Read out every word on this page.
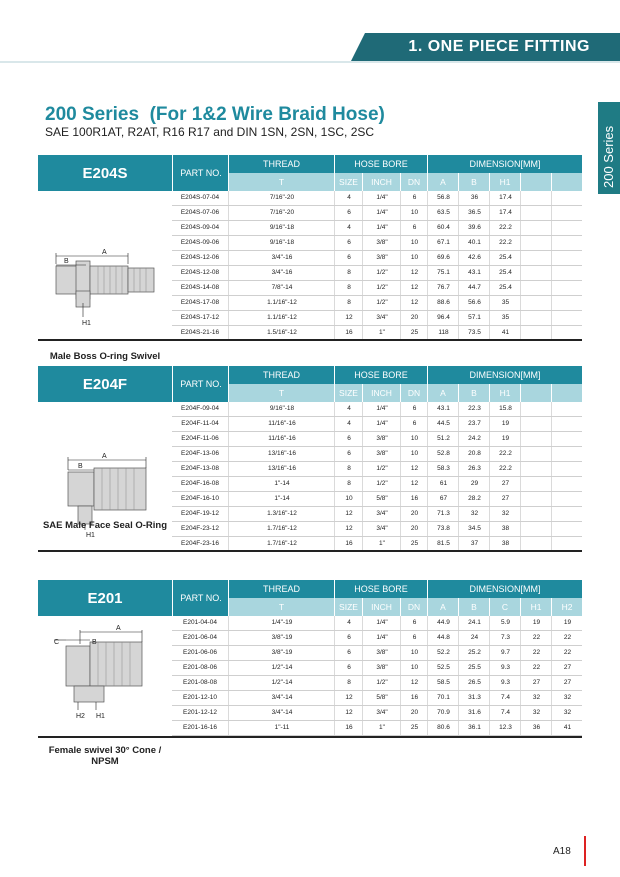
1. ONE PIECE FITTING
200 Series
200 Series  (For 1&2 Wire Braid Hose)
SAE 100R1AT, R2AT, R16 R17 and DIN 1SN, 2SN, 1SC, 2SC
E204S	PART NO.
THREAD	HOSE BORE	DIMENSION[MM]
T	SIZE	INCH	DN	A	B	H1
A
B
H1
Male Boss O-ring Swivel
E204S-07-04	7/16"-20	4	1/4"	6	56.8	36	17.4
E204S-07-06	7/16"-20	6	1/4"	10	63.5	36.5	17.4
E204S-09-04	9/16"-18	4	1/4"	6	60.4	39.6	22.2
E204S-09-06	9/16"-18	6	3/8"	10	67.1	40.1	22.2
E204S-12-06	3/4"-16	6	3/8"	10	69.6	42.6	25.4
E204S-12-08	3/4"-16	8	1/2"	12	75.1	43.1	25.4
E204S-14-08	7/8"-14	8	1/2"	12	76.7	44.7	25.4
E204S-17-08	1.1/16"-12	8	1/2"	12	88.6	56.6	35
E204S-17-12	1.1/16"-12	12	3/4"	20	96.4	57.1	35
E204S-21-16	1.5/16"-12	16	1"	25	118	73.5	41
E204F	PART NO.
THREAD	HOSE BORE	DIMENSION[MM]
T	SIZE	INCH	DN	A	B	H1
A
B
H1
SAE Male Face Seal O-Ring
E204F-09-04	9/16"-18	4	1/4"	6	43.1	22.3	15.8
E204F-11-04	11/16"-16	4	1/4"	6	44.5	23.7	19
E204F-11-06	11/16"-16	6	3/8"	10	51.2	24.2	19
E204F-13-06	13/16"-16	6	3/8"	10	52.8	20.8	22.2
E204F-13-08	13/16"-16	8	1/2"	12	58.3	26.3	22.2
E204F-16-08	1"-14	8	1/2"	12	61	29	27
E204F-16-10	1"-14	10	5/8"	16	67	28.2	27
E204F-19-12	1.3/16"-12	12	3/4"	20	71.3	32	32
E204F-23-12	1.7/16"-12	12	3/4"	20	73.8	34.5	38
E204F-23-16	1.7/16"-12	16	1"	25	81.5	37	38
E201	PART NO.
THREAD	HOSE BORE	DIMENSION[MM]
T	SIZE	INCH	DN	A	B	C	H1	H2
A
B
C
H2 H1
Female swivel 30° Cone / NPSM
E201-04-04	1/4"-19	4	1/4"	6	44.9	24.1	5.9	19	19
E201-06-04	3/8"-19	6	1/4"	6	44.8	24	7.3	22	22
E201-06-06	3/8"-19	6	3/8"	10	52.2	25.2	9.7	22	22
E201-08-06	1/2"-14	6	3/8"	10	52.5	25.5	9.3	22	27
E201-08-08	1/2"-14	8	1/2"	12	58.5	26.5	9.3	27	27
E201-12-10	3/4"-14	12	5/8"	16	70.1	31.3	7.4	32	32
E201-12-12	3/4"-14	12	3/4"	20	70.9	31.6	7.4	32	32
E201-16-16	1"-11	16	1"	25	80.6	36.1	12.3	36	41
A18
